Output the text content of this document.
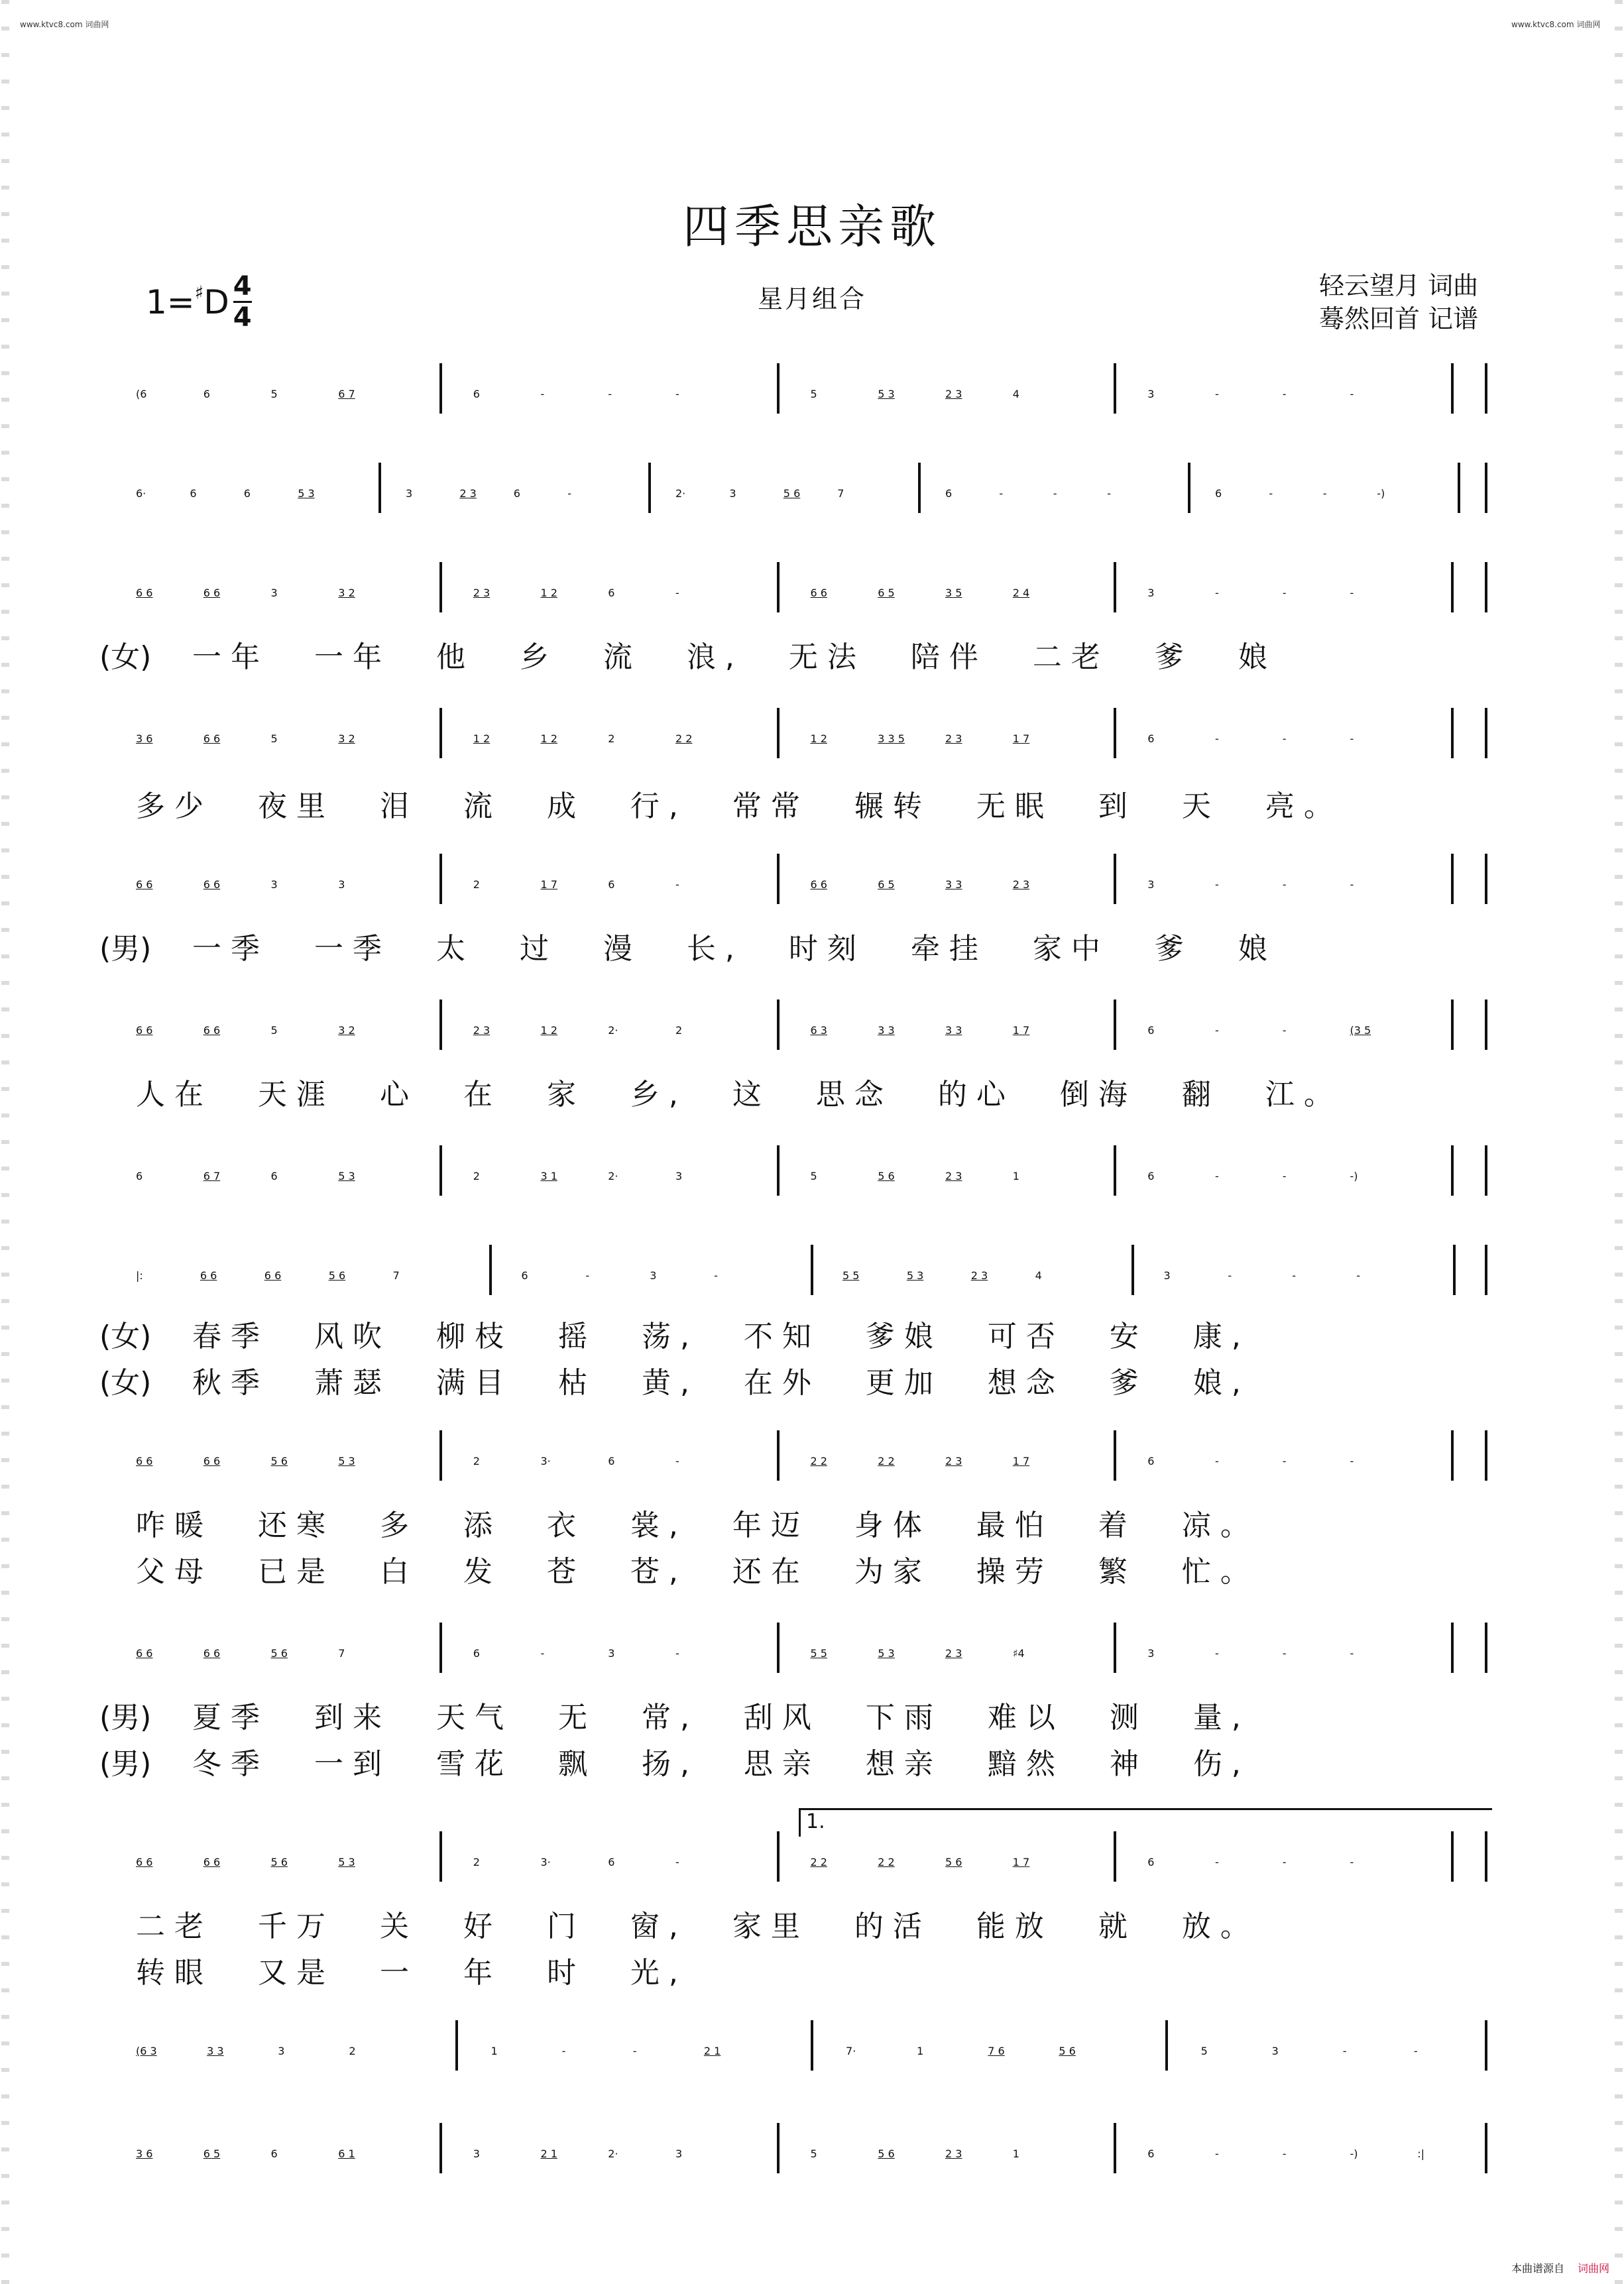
www.ktvc8.com 词曲网	www.ktvc8.com 词曲网
四季思亲歌
1= ♯ D $\frac{4}{4}$	星月组合	轻云望月 词曲
蓦然回首 记谱
(6	6	5	6 7	6	-	-	-	5	5 3	2 3	4	3	-	-	-
6·	6	6	5 3	3	2 3	6	-	2·	3	5 6	7	6	-	-	-	6	-	-	-)
6 6	6 6	3	3 2	2 3	1 2	6	-	6 6	6 5	3 5	2 4	3	-	-	-
3 6	6 6	5	3 2	1 2	1 2	2	2 2	1 2	3 3 5	2 3	1 7	6	-	-	-
6 6	6 6	3	3	2	1 7	6	-	6 6	6 5	3 3	2 3	3	-	-	-
6 6	6 6	5	3 2	2 3	1 2	2·	2	6 3	3 3	3 3	1 7	6	-	-	(3 5
6	6 7	6	5 3	2	3 1	2·	3	5	5 6	2 3	1	6	-	-	-)
|:	6 6	6 6	5 6	7	6	-	3	-	5 5	5 3	2 3	4	3	-	-	-
6 6	6 6	5 6	5 3	2	3·	6	-	2 2	2 2	2 3	1 7	6	-	-	-
6 6	6 6	5 6	7	6	-	3	-	5 5	5 3	2 3	♯4	3	-	-	-
6 6	6 6	5 6	5 3	2	3·	6	-	2 2	2 2	5 6	1 7	6	-	-	-
(6 3	3 3	3	2	1	-	-	2 1	7·	1	7 6	5 6	5	3	-	-
3 6	6 5	6	6 1	3	2 1	2·	3	5	5 6	2 3	1	6	-	-	-)	:|
(女) 一年 一年 他 乡 流 浪, 无法 陪伴 二老 爹 娘
多少 夜里 泪 流 成 行, 常常 辗转 无眠 到 天 亮。
(男) 一季 一季 太 过 漫 长, 时刻 牵挂 家中 爹 娘
人在 天涯 心 在 家 乡, 这 思念 的心 倒海 翻 江。
(女) 春季 风吹 柳枝 摇 荡, 不知 爹娘 可否 安 康,
(女) 秋季 萧瑟 满目 枯 黄, 在外 更加 想念 爹 娘,
咋暖 还寒 多 添 衣 裳, 年迈 身体 最怕 着 凉。
父母 已是 白 发 苍 苍, 还在 为家 操劳 繁 忙。
(男) 夏季 到来 天气 无 常, 刮风 下雨 难以 测 量,
(男) 冬季 一到 雪花 飘 扬, 思亲 想亲 黯然 神 伤,
二老 千万 关 好 门 窗, 家里 的活 能放 就 放。
转眼 又是 一 年 时 光,
1.
本曲谱源自 词曲网
